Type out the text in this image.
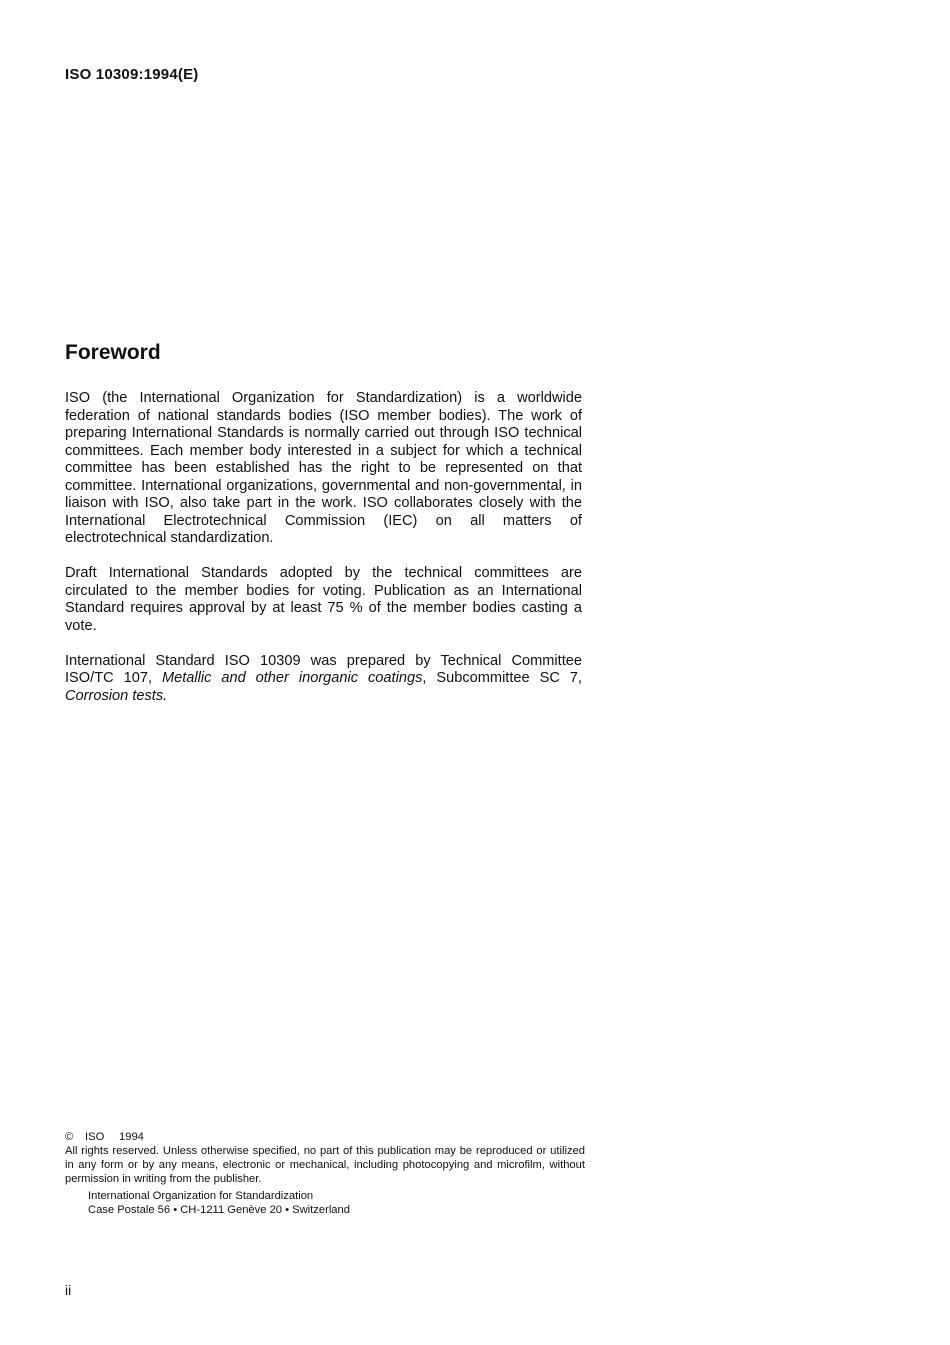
ISO 10309:1994(E)
Foreword

ISO (the International Organization for Standardization) is a worldwide federation of national standards bodies (ISO member bodies). The work of preparing International Standards is normally carried out through ISO technical committees. Each member body interested in a subject for which a technical committee has been established has the right to be represented on that committee. International organizations, governmental and non-governmental, in liaison with ISO, also take part in the work. ISO collaborates closely with the International Electrotechnical Commission (IEC) on all matters of electrotechnical standardization.

Draft International Standards adopted by the technical committees are circulated to the member bodies for voting. Publication as an International Standard requires approval by at least 75 % of the member bodies casting a vote.

International Standard ISO 10309 was prepared by Technical Committee ISO/TC 107, Metallic and other inorganic coatings, Subcommittee SC 7, Corrosion tests.

© ISO 1994
All rights reserved. Unless otherwise specified, no part of this publication may be reproduced or utilized in any form or by any means, electronic or mechanical, including photocopying and microfilm, without permission in writing from the publisher.
International Organization for Standardization
Case Postale 56 • CH-1211 Genève 20 • Switzerland
ii
